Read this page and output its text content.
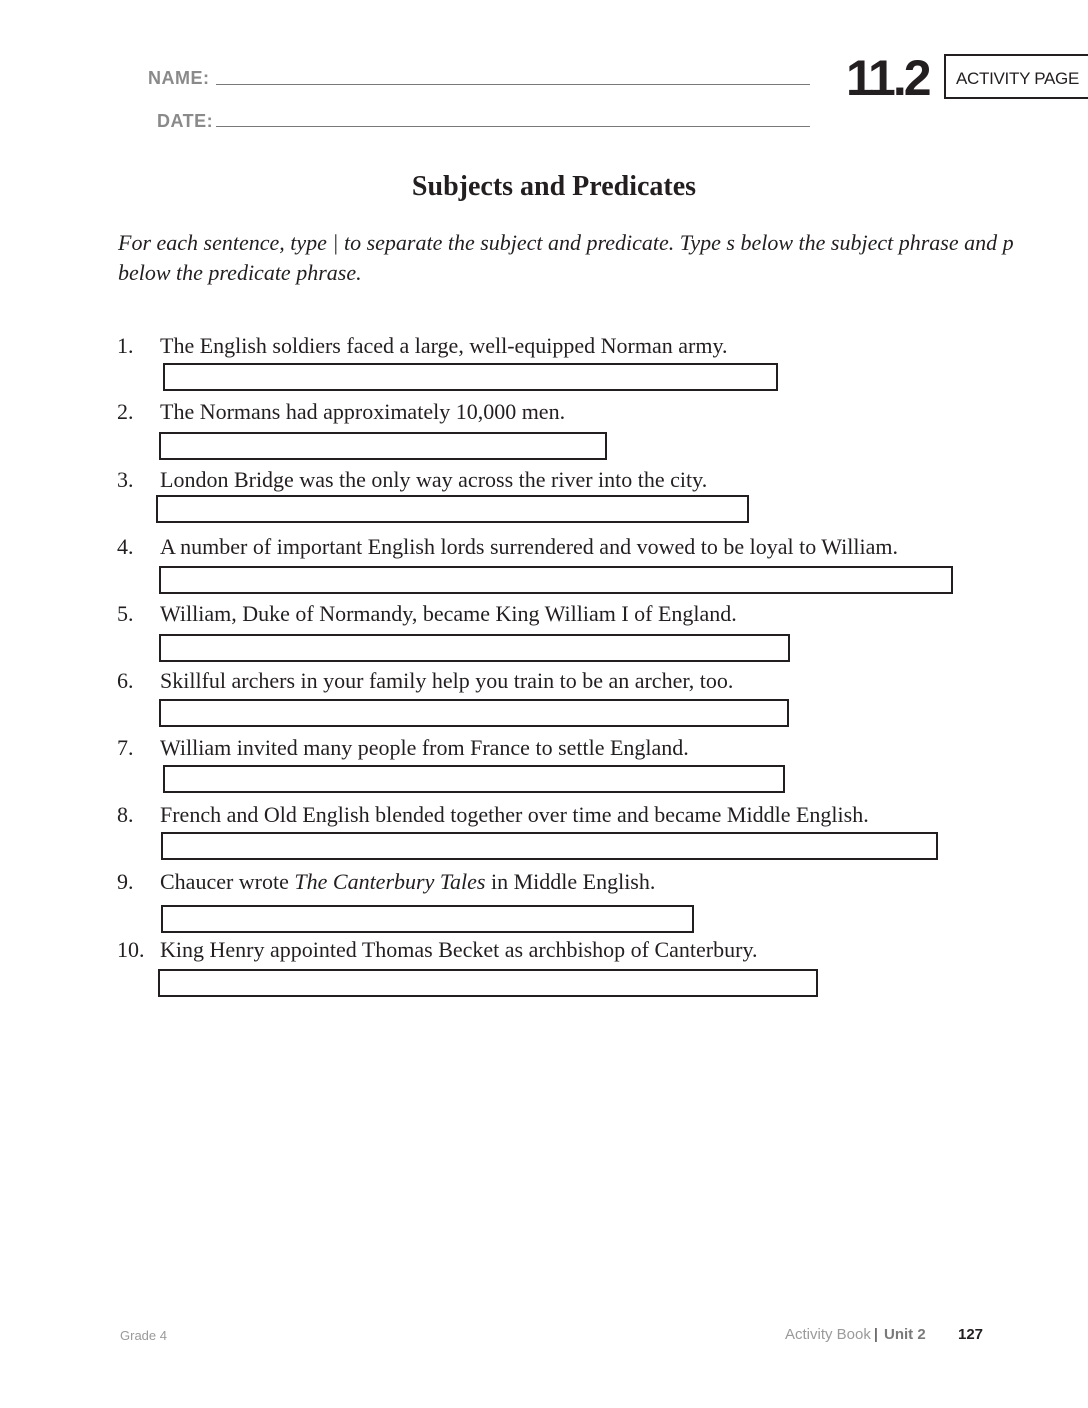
NAME:
DATE:
11.2	ACTIVITY PAGE
Subjects and Predicates
For each sentence, type | to separate the subject and predicate. Type s below the subject phrase and p below the predicate phrase.
1. The English soldiers faced a large, well-equipped Norman army.
2. The Normans had approximately 10,000 men.
3. London Bridge was the only way across the river into the city.
4. A number of important English lords surrendered and vowed to be loyal to William.
5. William, Duke of Normandy, became King William I of England.
6. Skillful archers in your family help you train to be an archer, too.
7. William invited many people from France to settle England.
8. French and Old English blended together over time and became Middle English.
9. Chaucer wrote The Canterbury Tales in Middle English.
10. King Henry appointed Thomas Becket as archbishop of Canterbury.
Grade 4	Activity Book | Unit 2 127
